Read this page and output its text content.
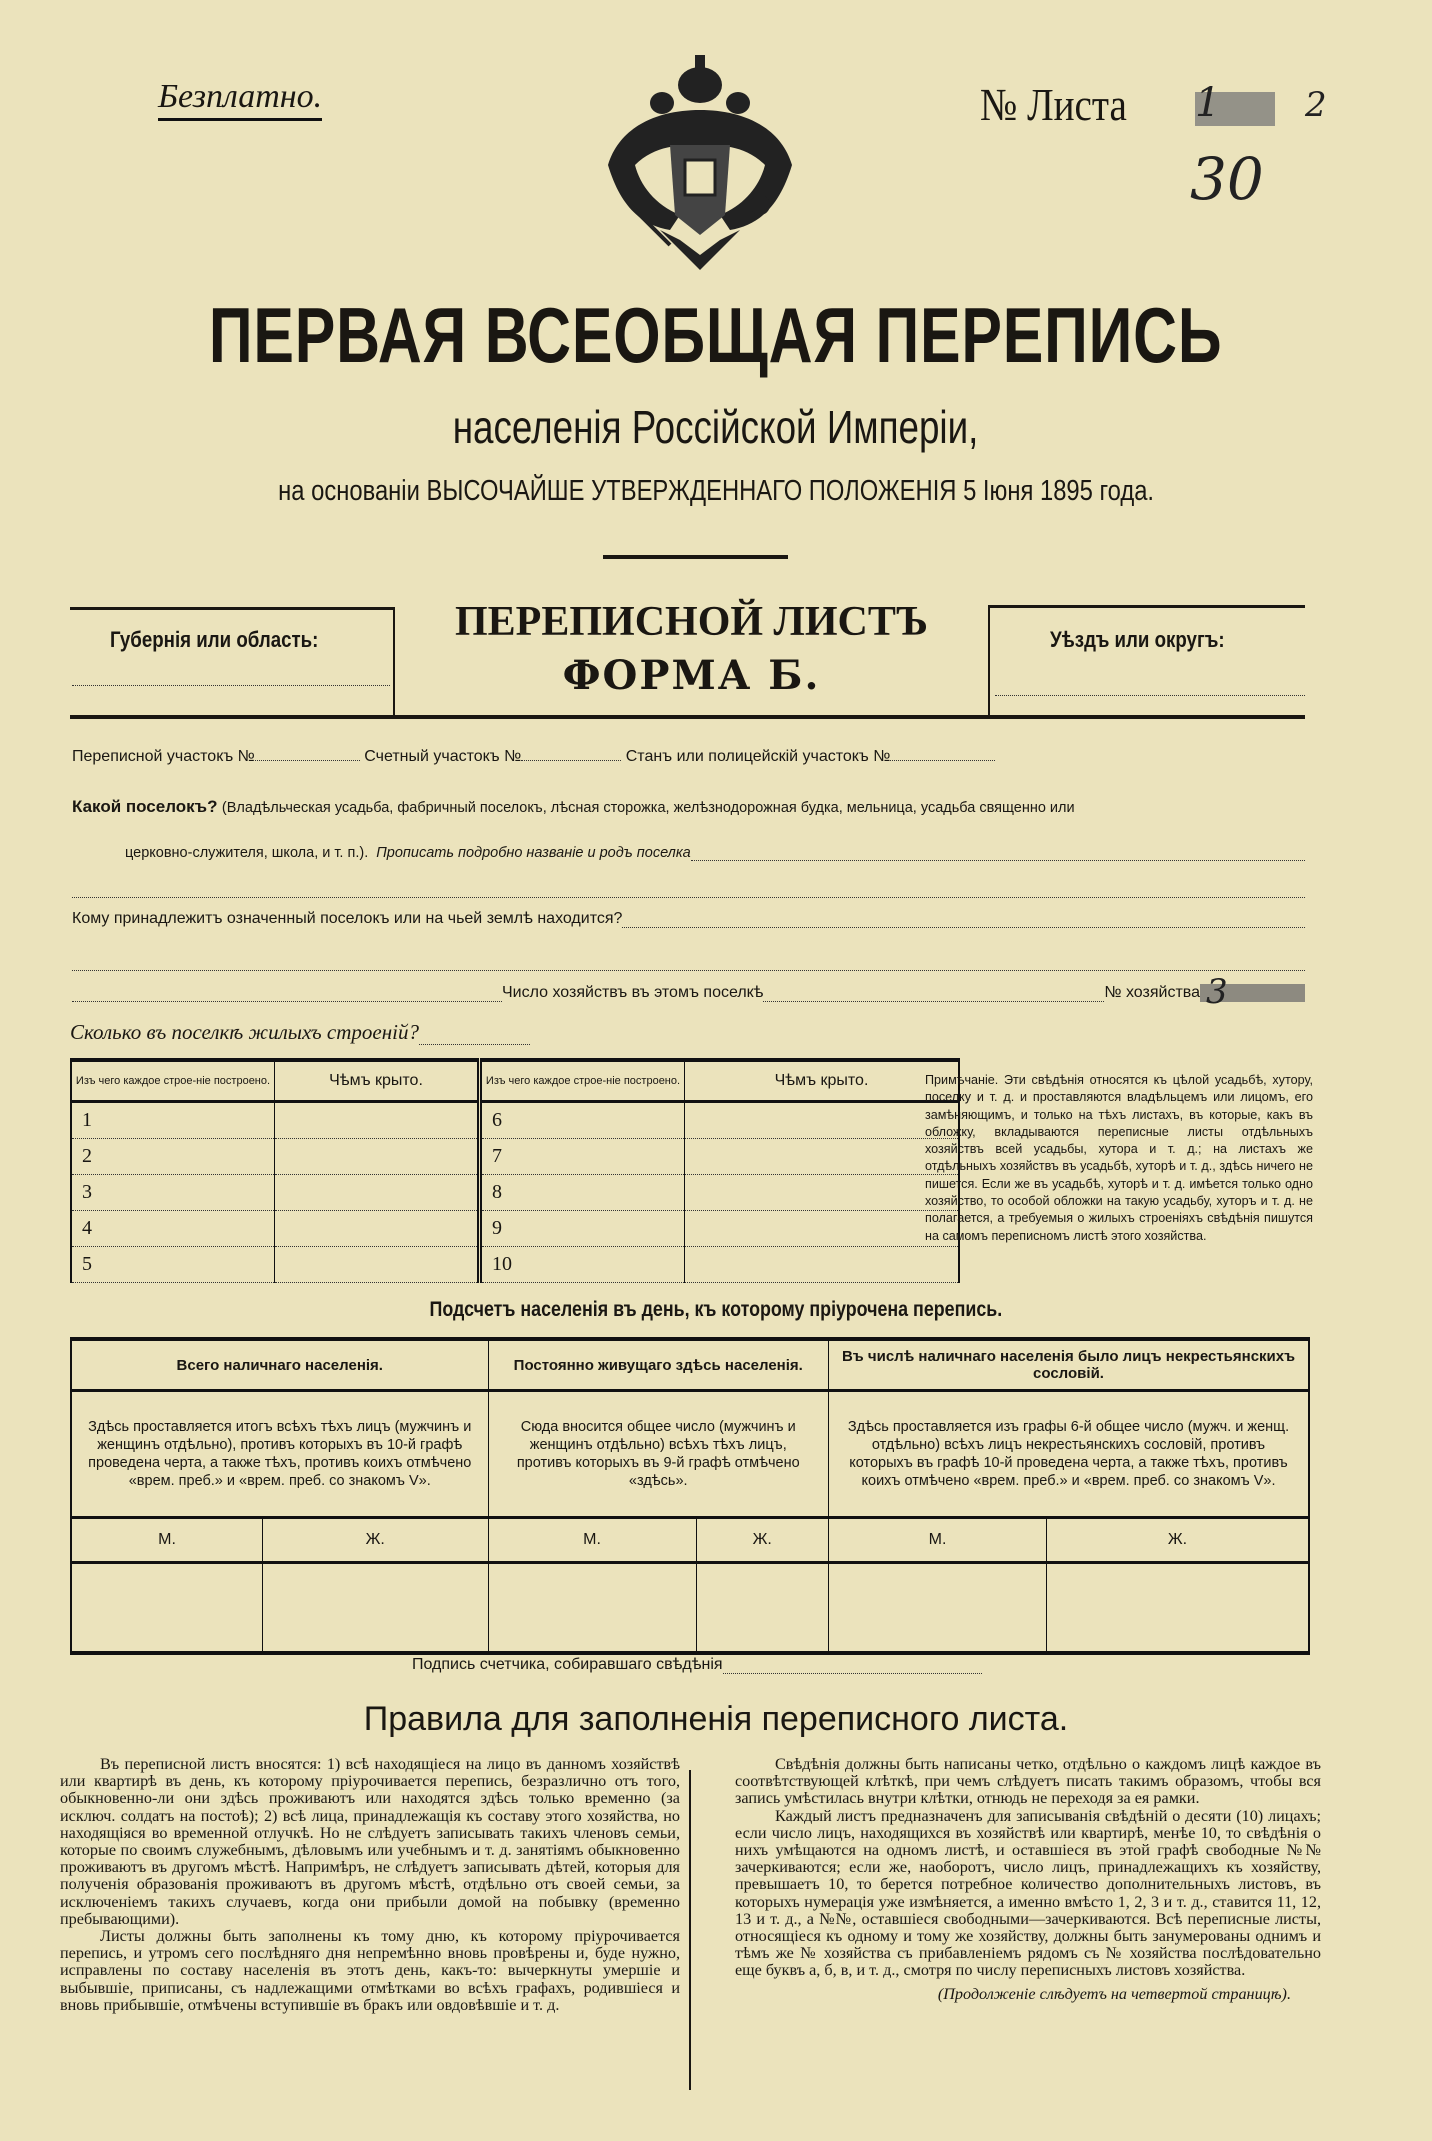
Безплатно.	№ Листа 1 2
30
ПЕРВАЯ ВСЕОБЩАЯ ПЕРЕПИСЬ
населенія Россійской Имперіи,
на основаніи ВЫСОЧАЙШЕ УТВЕРЖДЕННАГО ПОЛОЖЕНІЯ 5 Іюня 1895 года.
Губернія или область:	ПЕРЕПИСНОЙ ЛИСТЪ
ФОРМА Б.
Уѣздъ или округъ:
Переписной участокъ №	Счетный участокъ №	Станъ или полицейскій участокъ №
Какой поселокъ? (Владѣльческая усадьба, фабричный поселокъ, лѣсная сторожка, желѣзнодорожная будка, мельница, усадьба священно или
церковно-служителя, школа, и т. п.).
Прописать подробно названіе и родъ поселка
Кому принадлежитъ означенный поселокъ или на чьей землѣ находится?
Число хозяйствъ въ этомъ поселкѣ	№ хозяйства 3
Сколько въ поселкѣ жилыхъ строеній?
Изъ чего каждое строе-ніе построено.	Чѣмъ крыто.	Изъ чего каждое строе-ніе построено.	Чѣмъ крыто.
1		6	
2		7	
3		8	
4		9	
5		10	
Примѣчаніе. Эти свѣдѣнія относятся къ цѣлой усадьбѣ, хутору, поселку и т. д. и проставляются владѣльцемъ или лицомъ, его замѣняющимъ, и только на тѣхъ листахъ, въ которые, какъ въ обложку, вкладываются переписные листы отдѣльныхъ хозяйствъ всей усадьбы, хутора и т. д.; на листахъ же отдѣльныхъ хозяйствъ въ усадьбѣ, хуторѣ и т. д., здѣсь ничего не пишется. Если же въ усадьбѣ, хуторѣ и т. д. имѣется только одно хозяйство, то особой обложки на такую усадьбу, хуторъ и т. д. не полагается, а требуемыя о жилыхъ строеніяхъ свѣдѣнія пишутся на самомъ переписномъ листѣ этого хозяйства.
Подсчетъ населенія въ день, къ которому пріурочена перепись.
Всего наличнаго населенія.		Постоянно живущаго здѣсь населенія.		Въ числѣ наличнаго населенія было лицъ некрестьянскихъ сословій.	
Здѣсь проставляется итогъ всѣхъ тѣхъ лицъ (мужчинъ и женщинъ отдѣльно), противъ которыхъ въ 10-й графѣ проведена черта, а также тѣхъ, противъ коихъ отмѣчено «врем. преб.» и «врем. преб. со знакомъ V».		Сюда вносится общее число (мужчинъ и женщинъ отдѣльно) всѣхъ тѣхъ лицъ, противъ которыхъ въ 9-й графѣ отмѣчено «здѣсь».		Здѣсь проставляется изъ графы 6-й общее число (мужч. и женщ. отдѣльно) всѣхъ лицъ некрестьянскихъ сословій, противъ которыхъ въ графѣ 10-й проведена черта, а также тѣхъ, противъ коихъ отмѣчено «врем. преб.» и «врем. преб. со знакомъ V».	
М.	Ж.	М.	Ж.	М.	Ж.

Подпись счетчика, собиравшаго свѣдѣнія
Правила для заполненія переписного листа.

Въ переписной листъ вносятся: 1) всѣ находящіеся на лицо въ данномъ хозяйствѣ или квартирѣ въ день, къ которому пріурочивается перепись, безразлично отъ того, обыкновенно-ли они здѣсь проживаютъ или находятся здѣсь только временно (за исключ. солдатъ на постоѣ); 2) всѣ лица, принадлежащія къ составу этого хозяйства, но находящіяся во временной отлучкѣ. Но не слѣдуетъ записывать такихъ членовъ семьи, которые по своимъ служебнымъ, дѣловымъ или учебнымъ и т. д. занятіямъ обыкновенно проживаютъ въ другомъ мѣстѣ. Напримѣръ, не слѣдуетъ записывать дѣтей, которыя для полученія образованія проживаютъ въ другомъ мѣстѣ, отдѣльно отъ своей семьи, за исключеніемъ такихъ случаевъ, когда они прибыли домой на побывку (временно пребывающими).

Листы должны быть заполнены къ тому дню, къ которому пріурочивается перепись, и утромъ сего послѣдняго дня непремѣнно вновь провѣрены и, буде нужно, исправлены по составу населенія въ этотъ день, какъ-то: вычеркнуты умершіе и выбывшіе, приписаны, съ надлежащими отмѣтками во всѣхъ графахъ, родившіеся и вновь прибывшіе, отмѣчены вступившіе въ бракъ или овдовѣвшіе и т. д.

Свѣдѣнія должны быть написаны четко, отдѣльно о каждомъ лицѣ каждое въ соотвѣтствующей клѣткѣ, при чемъ слѣдуетъ писать такимъ образомъ, чтобы вся запись умѣстилась внутри клѣтки, отнюдь не переходя за ея рамки.

Каждый листъ предназначенъ для записыванія свѣдѣній о десяти (10) лицахъ; если число лицъ, находящихся въ хозяйствѣ или квартирѣ, менѣе 10, то свѣдѣнія о нихъ умѣщаются на одномъ листѣ, и оставшіеся въ этой графѣ свободные №№ зачеркиваются; если же, наоборотъ, число лицъ, принадлежащихъ къ хозяйству, превышаетъ 10, то берется потребное количество дополнительныхъ листовъ, въ которыхъ нумерація уже измѣняется, а именно вмѣсто 1, 2, 3 и т. д., ставится 11, 12, 13 и т. д., а №№, оставшіеся свободными—зачеркиваются. Всѣ переписные листы, относящіеся къ одному и тому же хозяйству, должны быть занумерованы однимъ и тѣмъ же № хозяйства съ прибавленіемъ рядомъ съ № хозяйства послѣдовательно еще буквъ а, б, в, и т. д., смотря по числу переписныхъ листовъ хозяйства.

(Продолженіе слѣдуетъ на четвертой страницѣ).
